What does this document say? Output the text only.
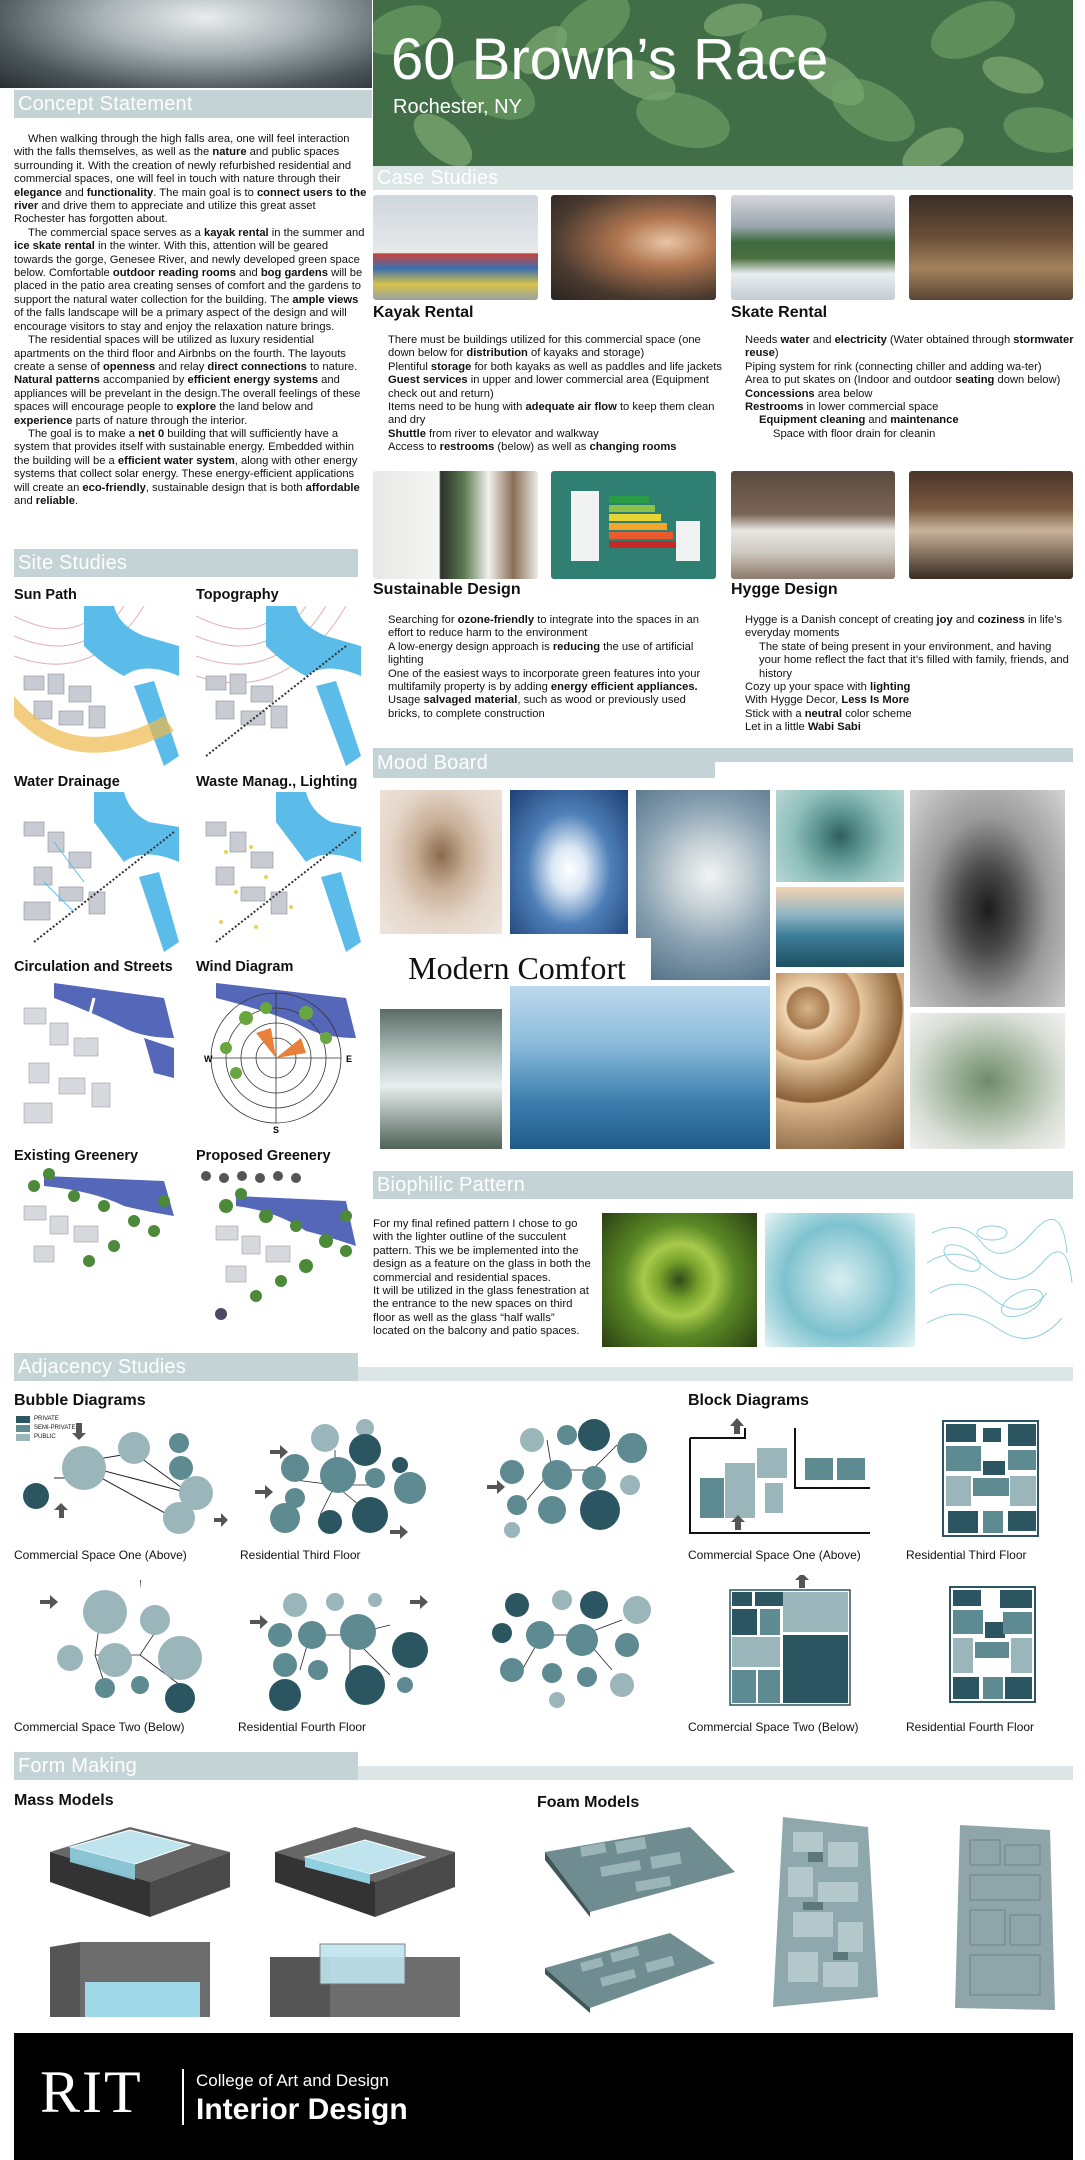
60 Brown’s Race
Rochester, NY
Concept Statement

When walking through the high falls area, one will feel interaction with the falls themselves, as well as the nature and public spaces surrounding it. With the creation of newly refurbished residential and commercial spaces, one will feel in touch with nature through their elegance and functionality. The main goal is to connect users to the river and drive them to appreciate and utilize this great asset Rochester has forgotten about.

The commercial space serves as a kayak rental in the summer and ice skate rental in the winter. With this, attention will be geared towards the gorge, Genesee River, and newly developed green space below. Comfortable outdoor reading rooms and bog gardens will be placed in the patio area creating senses of comfort and the gardens to support the natural water collection for the building. The ample views of the falls landscape will be a primary aspect of the design and will encourage visitors to stay and enjoy the relaxation nature brings.

The residential spaces will be utilized as luxury residential apartments on the third floor and Airbnbs on the fourth. The layouts create a sense of openness and relay direct connections to nature. Natural patterns accompanied by efficient energy systems and appliances will be prevelant in the design.The overall feelings of these spaces will encourage people to explore the land below and experience parts of nature through the interior.

The goal is to make a net 0 building that will sufficiently have a system that provides itself with sustainable energy. Embedded within the building will be a efficient water system, along with other energy systems that collect solar energy. These energy-efficient applications will create an eco-friendly, sustainable design that is both affordable and reliable.

Site Studies
Sun Path	Topography
Water Drainage	Waste Manag., Lighting
Circulation and Streets Wind Diagram
Existing Greenery	Proposed Greenery
W	E
S
Case Studies
Kayak Rental	Skate Rental

There must be buildings utilized for this commercial space (one down below for distribution of kayaks and storage)

Plentiful storage for both kayaks as well as paddles and life jackets

Guest services in upper and lower commercial area (Equipment check out and return)

Items need to be hung with adequate air flow to keep them clean and dry

Shuttle from river to elevator and walkway

Access to restrooms (below) as well as changing rooms

Needs water and electricity (Water obtained through stormwater reuse)

Piping system for rink (connecting chiller and adding wa-ter)

Area to put skates on (Indoor and outdoor seating down below)

Concessions area below

Restrooms in lower commercial space

Equipment cleaning and maintenance

Space with floor drain for cleanin

Sustainable Design	Hygge Design

Searching for ozone-friendly to integrate into the spaces in an effort to reduce harm to the environment

A low-energy design approach is reducing the use of artificial lighting

One of the easiest ways to incorporate green features into your multifamily property is by adding energy efficient appliances.

Usage salvaged material, such as wood or previously used bricks, to complete construction

Hygge is a Danish concept of creating joy and coziness in life’s everyday moments

The state of being present in your environment, and having your home reflect the fact that it’s filled with family, friends, and history

Cozy up your space with lighting

With Hygge Decor, Less Is More

Stick with a neutral color scheme

Let in a little Wabi Sabi

Mood Board
Modern Comfort
Biophilic Pattern

For my final refined pattern I chose to go with the lighter outline of the succulent pattern. This we be implemented into the design as a feature on the glass in both the commercial and residential spaces.

It will be utilized in the glass fenestration at the entrance to the new spaces on third floor as well as the glass “half walls” located on the balcony and patio spaces.

Adjacency Studies
Bubble Diagrams	Block Diagrams
PRIVATE
SEMI-PRIVATE
PUBLIC
Commercial Space One (Above)	Residential Third Floor
Commercial Space Two (Below)	Residential Fourth Floor
Commercial Space One (Above)	Residential Third Floor
Commercial Space Two (Below)	Residential Fourth Floor
Form Making
Mass Models	Foam Models
RIT	College of Art and Design
Interior Design
